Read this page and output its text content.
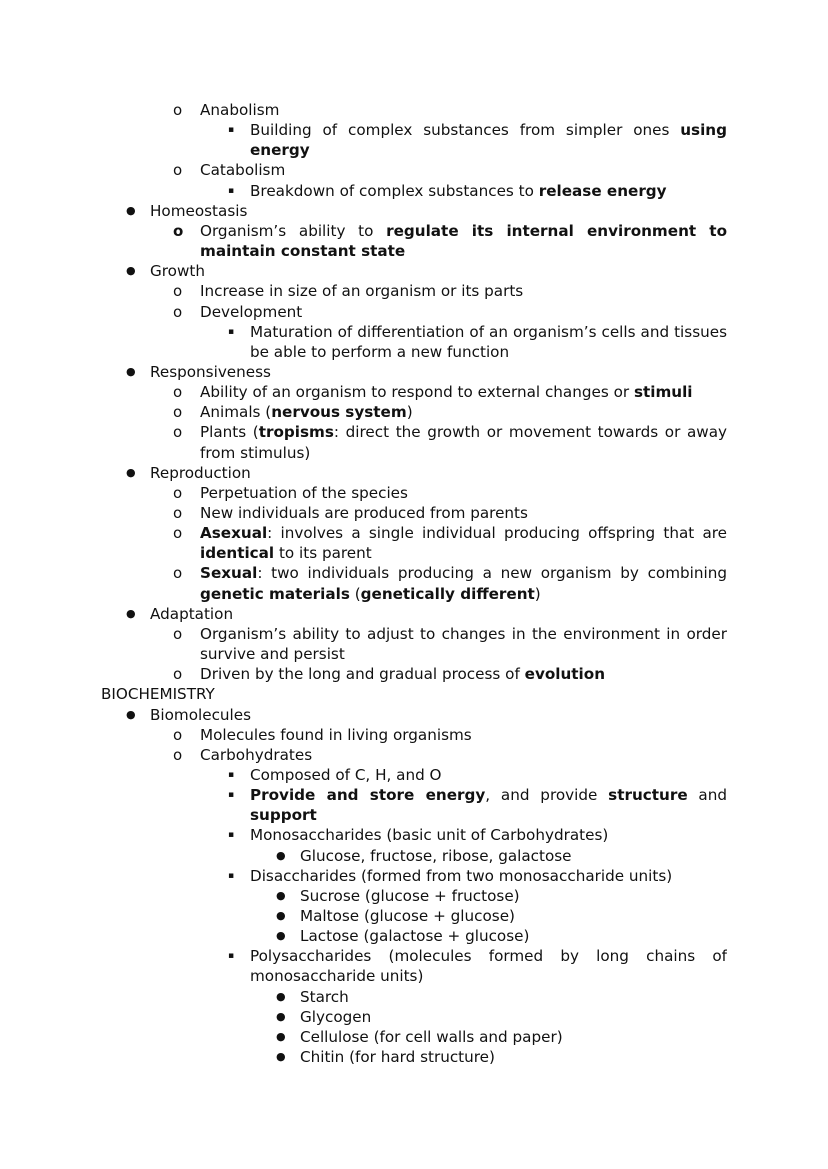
o Anabolism
▪ Building of complex substances from simpler ones using
energy
o Catabolism
▪ Breakdown of complex substances to release energy
● Homeostasis
o Organism’s ability to regulate its internal environment to
maintain constant state
● Growth
o Increase in size of an organism or its parts
o Development
▪ Maturation of differentiation of an organism’s cells and tissues
be able to perform a new function
● Responsiveness
o Ability of an organism to respond to external changes or stimuli
o Animals (nervous system)
o Plants (tropisms: direct the growth or movement towards or away
from stimulus)
● Reproduction
o Perpetuation of the species
o New individuals are produced from parents
o Asexual: involves a single individual producing offspring that are
identical to its parent
o Sexual: two individuals producing a new organism by combining
genetic materials (genetically different)
● Adaptation
o Organism’s ability to adjust to changes in the environment in order
survive and persist
o Driven by the long and gradual process of evolution
BIOCHEMISTRY
● Biomolecules
o Molecules found in living organisms
o Carbohydrates
▪ Composed of C, H, and O
▪ Provide and store energy, and provide structure and
support
▪ Monosaccharides (basic unit of Carbohydrates)
● Glucose, fructose, ribose, galactose
▪ Disaccharides (formed from two monosaccharide units)
● Sucrose (glucose + fructose)
● Maltose (glucose + glucose)
● Lactose (galactose + glucose)
▪ Polysaccharides (molecules formed by long chains of
monosaccharide units)
● Starch
● Glycogen
● Cellulose (for cell walls and paper)
● Chitin (for hard structure)
